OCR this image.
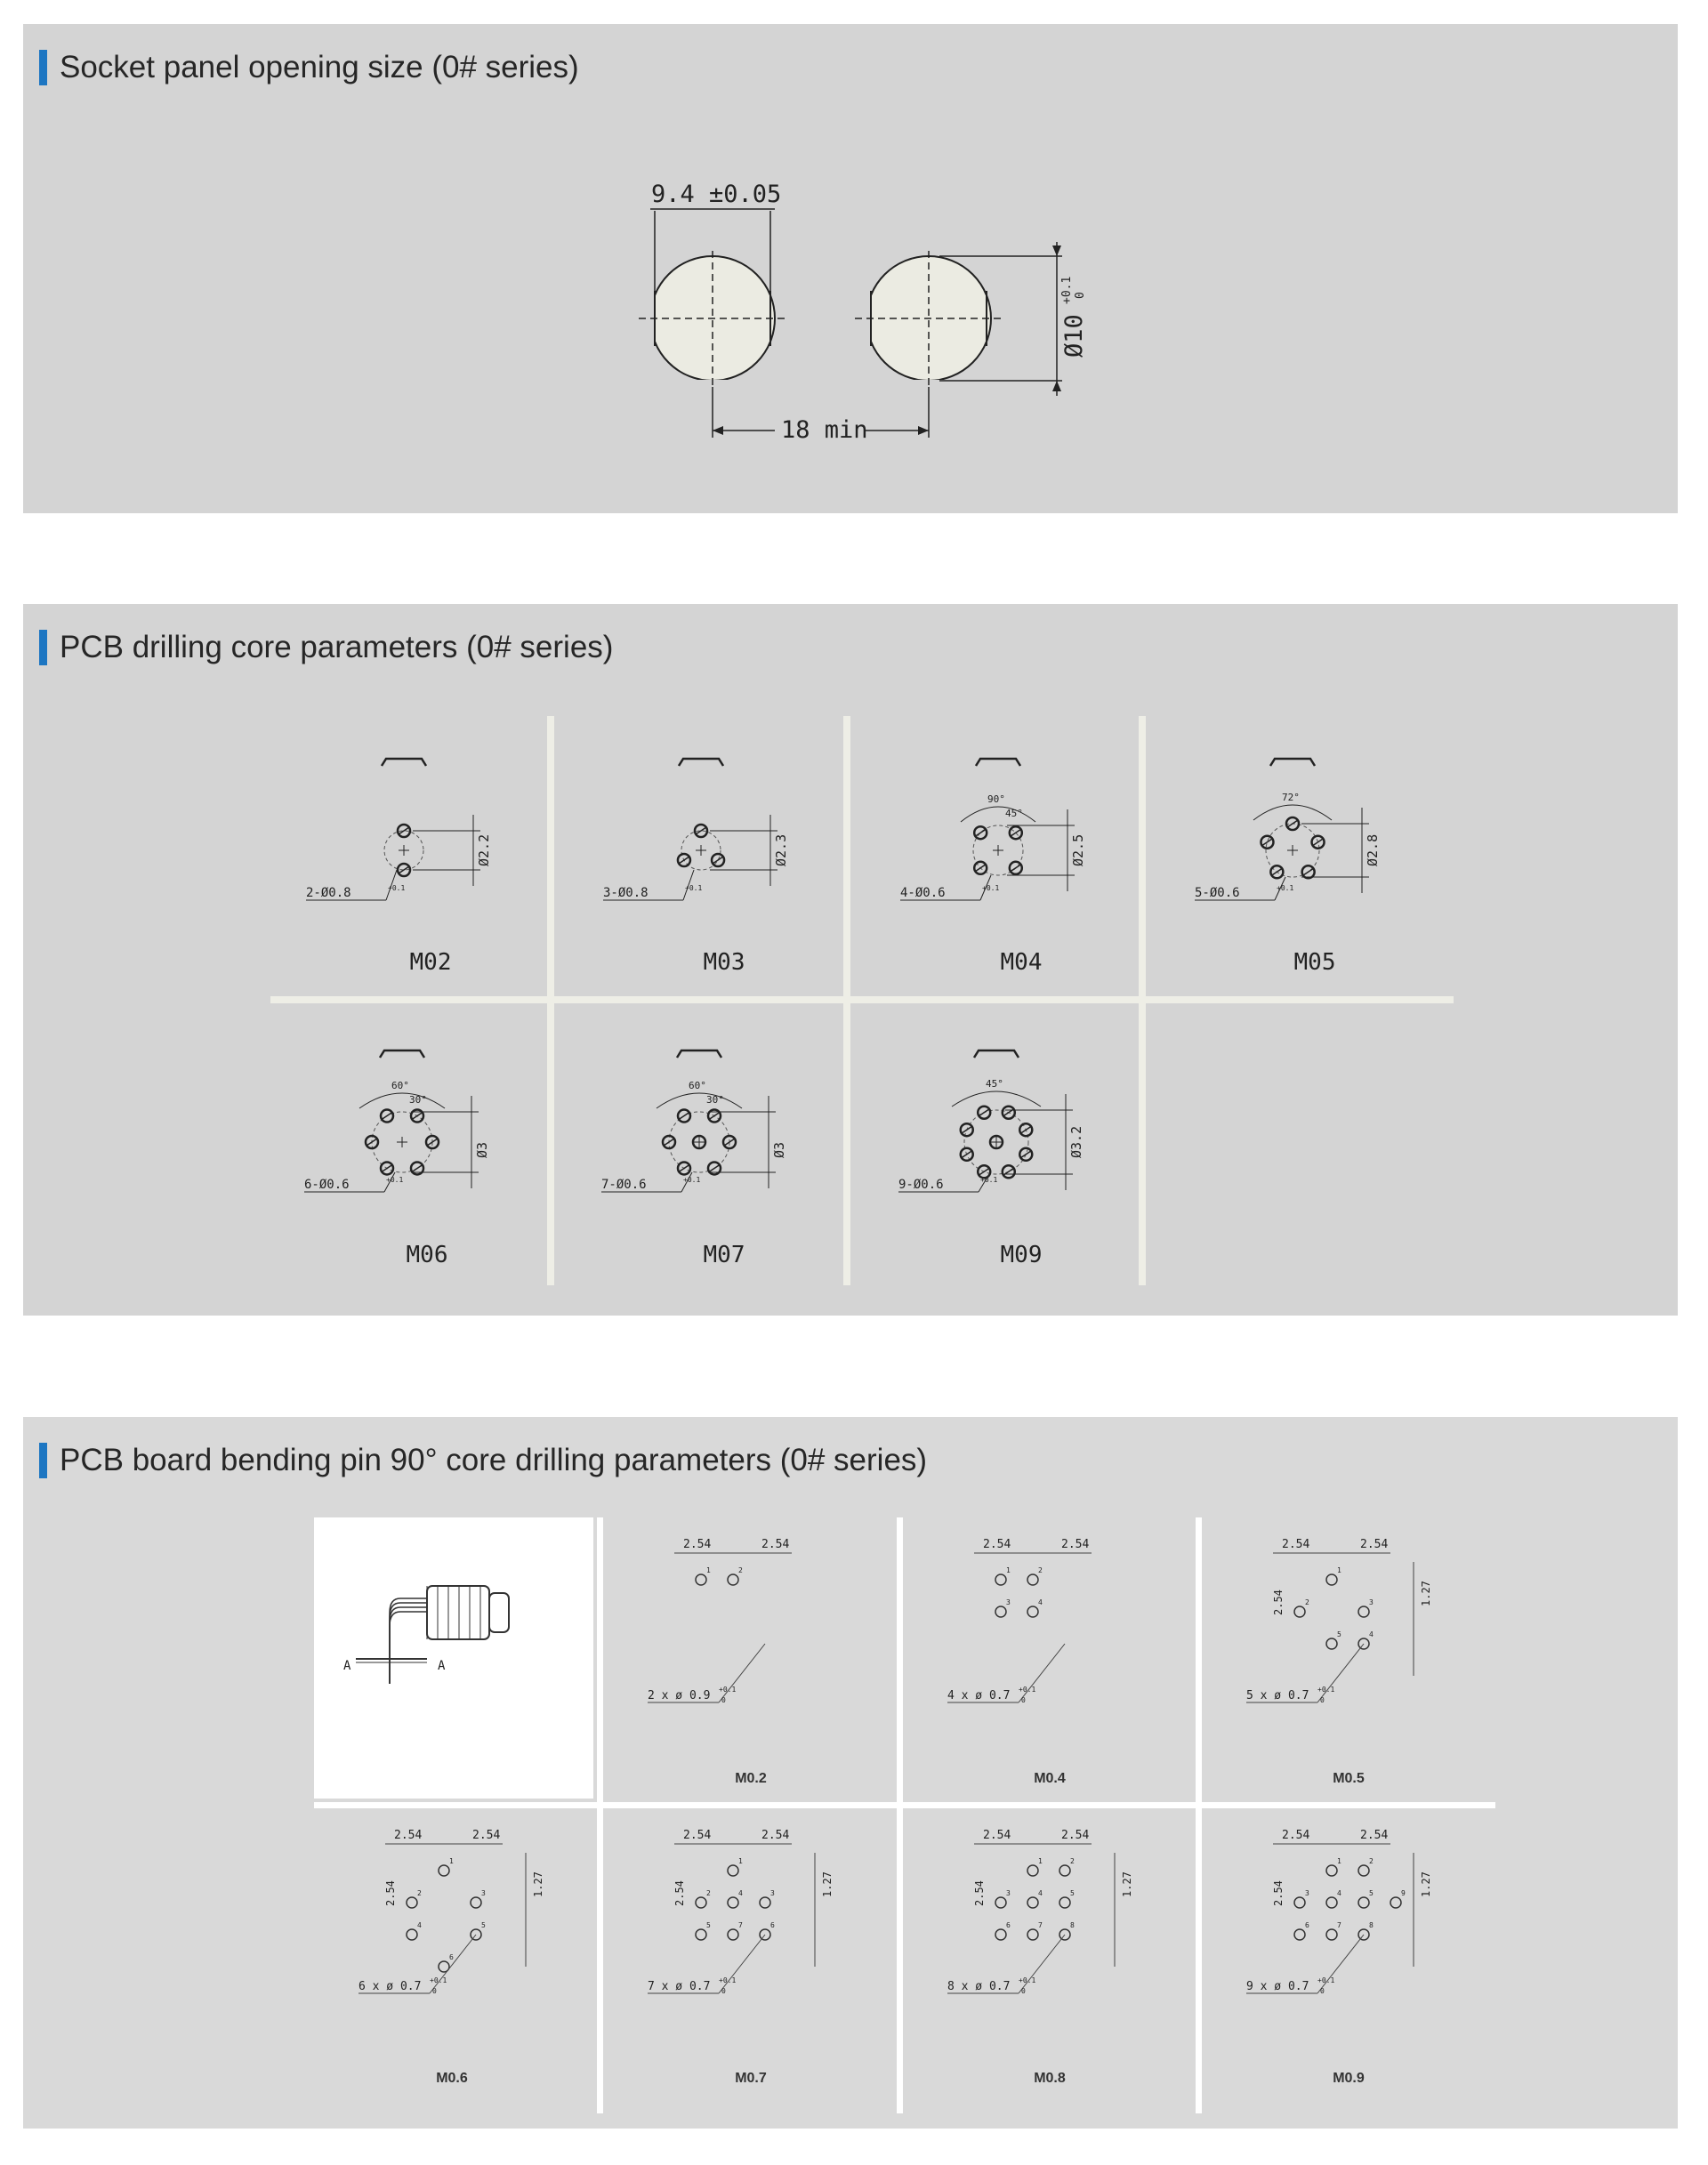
Socket panel opening size (0# series)
9.4 ±0.05
Ø10
+0.1 0
18 min
PCB drilling core parameters (0# series)
Ø2.2
2-Ø0.8	+0.1
Ø2.3
3-Ø0.8	+0.1
Ø2.5
4-Ø0.6	+0.1
90°
45°
Ø2.8
5-Ø0.6	+0.1
72°
Ø3
6-Ø0.6	+0.1
60°
30°
Ø3
7-Ø0.6	+0.1
60°
30°
Ø3.2
9-Ø0.6	+0.1
45°
M02	M03	M04	M05
M06	M07	M09
PCB board bending pin 90° core drilling parameters (0# series)
A	A
2.54	2.54
1	2
2 x ø 0.9 +0.1
0
2.54	2.54
1	2
3	4
4 x ø 0.7 +0.1
0
2.54	2.54
1.27
2.54
1
2	3
4
5
5 x ø 0.7 +0.1
0
2.54	2.54
1.27
2.54
1
2	3
4	5
6
6 x ø 0.7 +0.1
0
2.54	2.54
1.27
2.54
1
2	3
4
5	6
7
7 x ø 0.7 +0.1
0
2.54	2.54
1.27
2.54
1	2
3	4	5
6	7	8
8 x ø 0.7 +0.1
0
2.54	2.54
1.27
2.54
1	2
3	4	5
6	7	8
9
9 x ø 0.7 +0.1
0
M0.2	M0.4	M0.5
M0.6	M0.7	M0.8	M0.9
